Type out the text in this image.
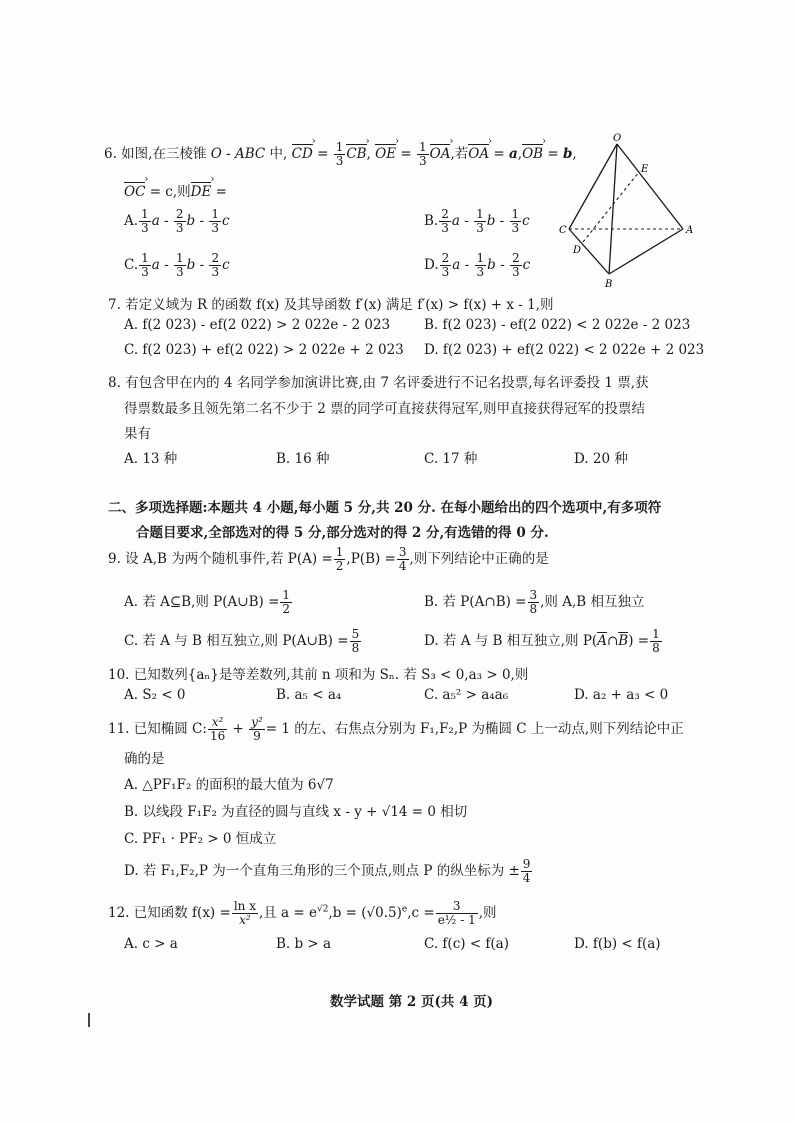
6. 如图,在三棱锥 O - ABC 中, CD › = $\frac{1}{3}$ CB ›, OE › = $\frac{1}{3}$ OA ›,若OA › = a,OB › = b,
OC › = c,则DE › =
A. $\frac{1}{3}$ a - $\frac{2}{3}$ b - $\frac{1}{3}$ c	B. $\frac{2}{3}$ a - $\frac{1}{3}$ b - $\frac{1}{3}$ c
C. $\frac{1}{3}$ a - $\frac{1}{3}$ b - $\frac{2}{3}$ c	D. $\frac{2}{3}$ a - $\frac{1}{3}$ b - $\frac{2}{3}$ c
O
E
C
D
A
B
7. 若定义域为 R 的函数 f(x) 及其导函数 f′(x) 满足 f′(x) > f(x) + x - 1,则
A. f(2 023) - ef(2 022) > 2 022e - 2 023	B. f(2 023) - ef(2 022) < 2 022e - 2 023
C. f(2 023) + ef(2 022) > 2 022e + 2 023 D. f(2 023) + ef(2 022) < 2 022e + 2 023
8. 有包含甲在内的 4 名同学参加演讲比赛,由 7 名评委进行不记名投票,每名评委投 1 票,获
得票数最多且领先第二名不少于 2 票的同学可直接获得冠军,则甲直接获得冠军的投票结
果有
A. 13 种	B. 16 种	C. 17 种	D. 20 种
二、多项选择题:本题共 4 小题,每小题 5 分,共 20 分. 在每小题给出的四个选项中,有多项符
合题目要求,全部选对的得 5 分,部分选对的得 2 分,有选错的得 0 分.
9. 设 A,B 为两个随机事件,若 $P(A) = \frac{1}{2} ,P(B) = \frac{3}{4}$ ,则下列结论中正确的是
A. 若 A⊆B,则 P(A∪B) = $\frac{1}{2}$	B. 若 P(A∩B) = $\frac{3}{8}$ ,则 A,B 相互独立
C. 若 A 与 B 相互独立,则 P(A∪B) = $\frac{5}{8}$	D. 若 A 与 B 相互独立,则 $P(\overline{A}\cap\overline{B}) = \frac{1}{8}$
10. 已知数列{aₙ}是等差数列,其前 n 项和为 Sₙ. 若 S₃ < 0,a₃ > 0,则
A. S₂ < 0	B. a₅ < a₄	C. a₅² > a₄a₆	D. a₂ + a₃ < 0
11. 已知椭圆 C: $\frac{\text{x²}}{16} + \frac{\text{y²}}{9} = 1$ 的左、右焦点分别为 F₁,F₂,P 为椭圆 C 上一动点,则下列结论中正
确的是
A. △PF₁F₂ 的面积的最大值为 6√7
B. 以线段 F₁F₂ 为直径的圆与直线 x - y + √14 = 0 相切
C. PF₁ · PF₂ > 0 恒成立
D. 若 F₁,F₂,P 为一个直角三角形的三个顶点,则点 P 的纵坐标为 ± $\frac{9}{4}$
12. 已知函数 $f(x) = \frac{\text{ln x}}{\text{x²}}$ ,且 $a = e^{√2},b = (√0.5)^e,c = \frac{3}{\text{e½ - 1}}$ ,则
A. c > a	B. b > a	C. f(c) < f(a)	D. f(b) < f(a)
数学试题 第 2 页(共 4 页)
